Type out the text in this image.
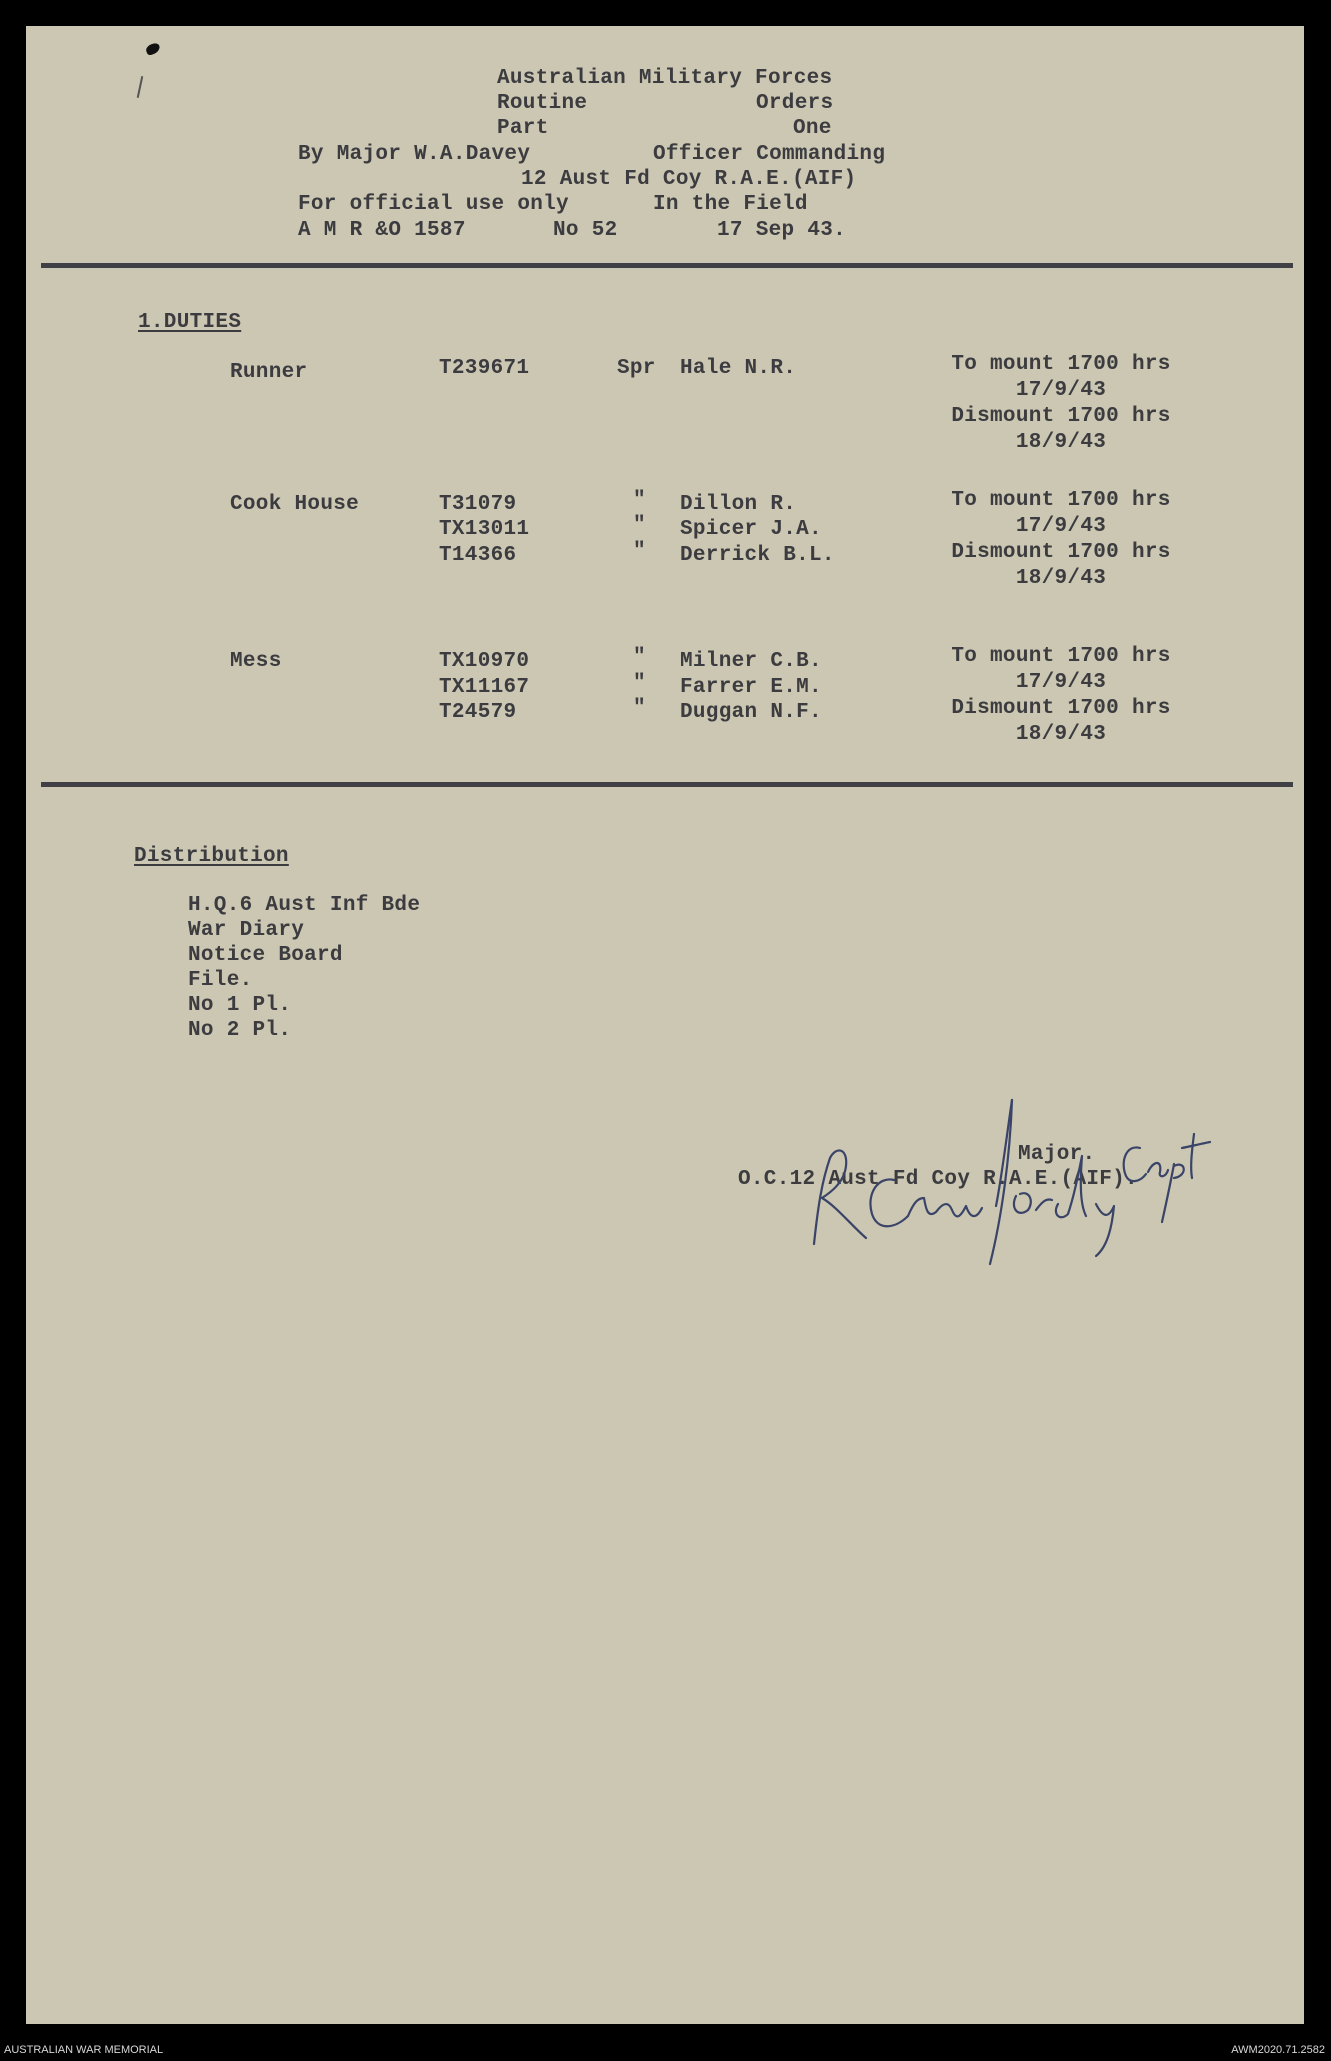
Australian Military Forces
Routine	Orders
Part	One
By Major W.A.Davey	Officer Commanding
12 Aust Fd Coy R.A.E.(AIF)
For official use only	In the Field
A M R &O 1587	No 52	17 Sep 43.
1.DUTIES
Runner	T239671	Spr Hale N.R.	To mount 1700 hrs
17/9/43
Dismount 1700 hrs
18/9/43
Cook House	T31079	" Dillon R.
TX13011	" Spicer J.A.
T14366	" Derrick B.L.
To mount 1700 hrs
17/9/43
Dismount 1700 hrs
18/9/43
Mess	TX10970	" Milner C.B.
TX11167	" Farrer E.M.
T24579	" Duggan N.F.
To mount 1700 hrs
17/9/43
Dismount 1700 hrs
18/9/43
Distribution
H.Q.6 Aust Inf Bde
War Diary
Notice Board
File.
No 1 Pl.
No 2 Pl.
Major.
O.C.12 Aust Fd Coy R.A.E.(AIF).
AUSTRALIAN WAR MEMORIAL	AWM2020.71.2582
